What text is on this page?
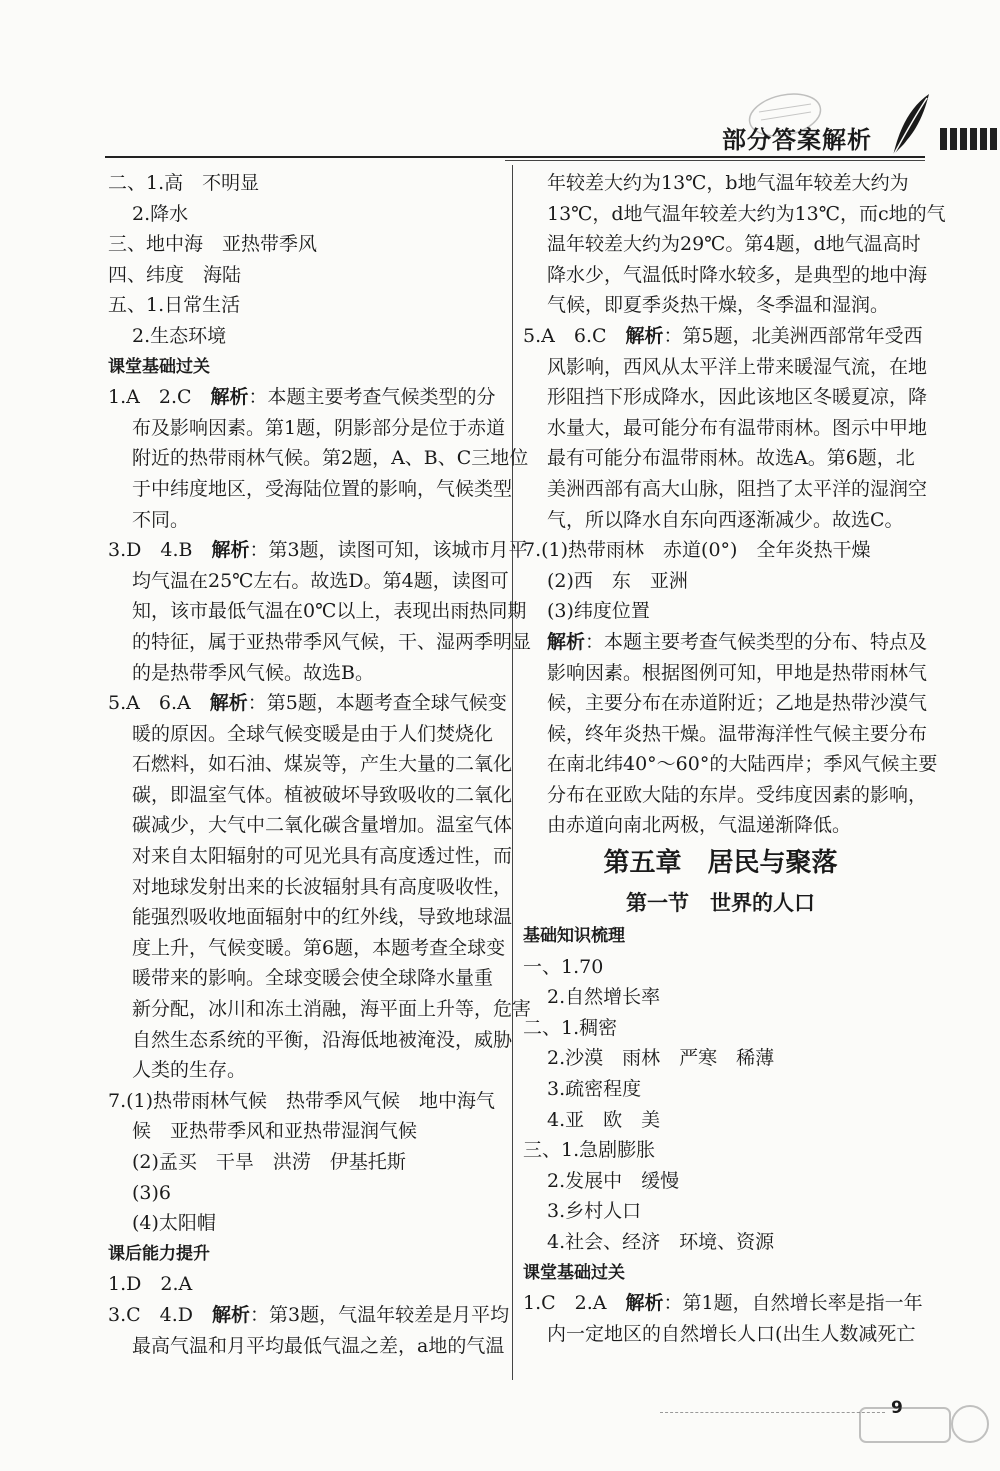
部分答案解析
二、1.高　不明显
2.降水
三、地中海　亚热带季风
四、纬度　海陆
五、1.日常生活
2.生态环境
课堂基础过关
1.A　2.C　解析：本题主要考查气候类型的分
布及影响因素。第1题，阴影部分是位于赤道
附近的热带雨林气候。第2题，A、B、C三地位
于中纬度地区，受海陆位置的影响，气候类型
不同。
3.D　4.B　解析：第3题，读图可知，该城市月平
均气温在25℃左右。故选D。第4题，读图可
知，该市最低气温在0℃以上，表现出雨热同期
的特征，属于亚热带季风气候，干、湿两季明显
的是热带季风气候。故选B。
5.A　6.A　解析：第5题，本题考查全球气候变
暖的原因。全球气候变暖是由于人们焚烧化
石燃料，如石油、煤炭等，产生大量的二氧化
碳，即温室气体。植被破坏导致吸收的二氧化
碳减少，大气中二氧化碳含量增加。温室气体
对来自太阳辐射的可见光具有高度透过性，而
对地球发射出来的长波辐射具有高度吸收性，
能强烈吸收地面辐射中的红外线，导致地球温
度上升，气候变暖。第6题，本题考查全球变
暖带来的影响。全球变暖会使全球降水量重
新分配，冰川和冻土消融，海平面上升等，危害
自然生态系统的平衡，沿海低地被淹没，威胁
人类的生存。
7.(1)热带雨林气候　热带季风气候　地中海气
候　亚热带季风和亚热带湿润气候
(2)孟买　干旱　洪涝　伊基托斯
(3)6
(4)太阳帽
课后能力提升
1.D　2.A
3.C　4.D　解析：第3题，气温年较差是月平均
最高气温和月平均最低气温之差，a地的气温
年较差大约为13℃，b地气温年较差大约为
13℃，d地气温年较差大约为13℃，而c地的气
温年较差大约为29℃。第4题，d地气温高时
降水少，气温低时降水较多，是典型的地中海
气候，即夏季炎热干燥，冬季温和湿润。
5.A　6.C　解析：第5题，北美洲西部常年受西
风影响，西风从太平洋上带来暖湿气流，在地
形阻挡下形成降水，因此该地区冬暖夏凉，降
水量大，最可能分布有温带雨林。图示中甲地
最有可能分布温带雨林。故选A。第6题，北
美洲西部有高大山脉，阻挡了太平洋的湿润空
气，所以降水自东向西逐渐减少。故选C。
7.(1)热带雨林　赤道(0°)　全年炎热干燥
(2)西　东　亚洲
(3)纬度位置
解析：本题主要考查气候类型的分布、特点及
影响因素。根据图例可知，甲地是热带雨林气
候，主要分布在赤道附近；乙地是热带沙漠气
候，终年炎热干燥。温带海洋性气候主要分布
在南北纬40°～60°的大陆西岸；季风气候主要
分布在亚欧大陆的东岸。受纬度因素的影响，
由赤道向南北两极，气温递渐降低。
第五章　居民与聚落
第一节　世界的人口
基础知识梳理
一、1.70
2.自然增长率
二、1.稠密
2.沙漠　雨林　严寒　稀薄
3.疏密程度
4.亚　欧　美
三、1.急剧膨胀
2.发展中　缓慢
3.乡村人口
4.社会、经济　环境、资源
课堂基础过关
1.C　2.A　解析：第1题，自然增长率是指一年
内一定地区的自然增长人口(出生人数减死亡
9
